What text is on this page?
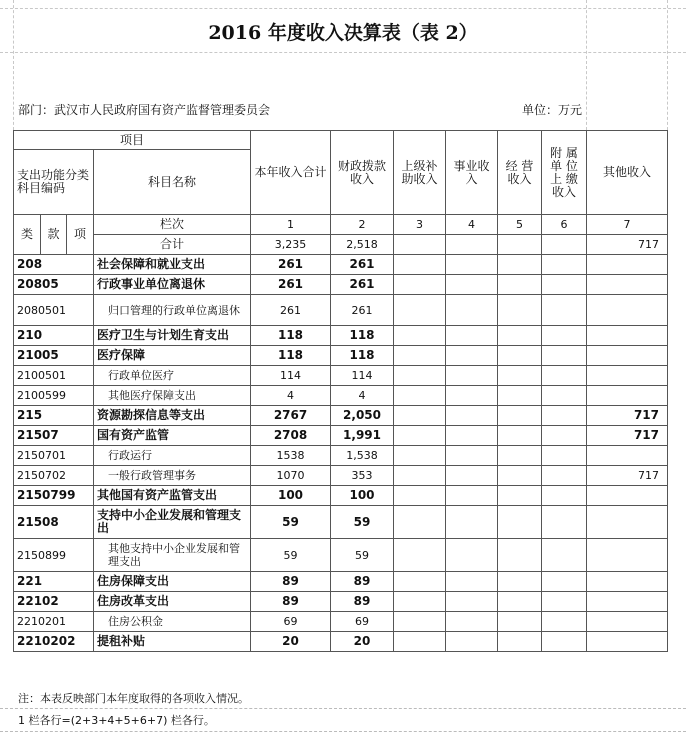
2016 年度收入决算表（表 2）
部门：武汉市人民政府国有资产监督管理委员会	单位：万元
项目				本年收入合计	财政拨款收入	上级补助收入	事业收入	经 营收入	附 属单 位上 缴收入	其他收入
支出功能分类科目编码			科目名称							
类	款	项	栏次	1	2	3	4	5	6	7
			合计	3,235	2,518					717
208			社会保障和就业支出	261	261					
20805			行政事业单位离退休	261	261					
2080501			归口管理的行政单位离退休	261	261					
210			医疗卫生与计划生育支出	118	118					
21005			医疗保障	118	118					
2100501			行政单位医疗	114	114					
2100599			其他医疗保障支出	4	4					
215			资源勘探信息等支出	2767	2,050					717
21507			国有资产监管	2708	1,991					717
2150701			行政运行	1538	1,538					
2150702			一般行政管理事务	1070	353					717
2150799			其他国有资产监管支出	100	100					
21508			支持中小企业发展和管理支出	59	59					
2150899			其他支持中小企业发展和管理支出	59	59					
221			住房保障支出	89	89					
22102			住房改革支出	89	89					
2210201			住房公积金	69	69					
2210202			提租补贴	20	20					
注：本表反映部门本年度取得的各项收入情况。
1 栏各行=(2+3+4+5+6+7) 栏各行。
